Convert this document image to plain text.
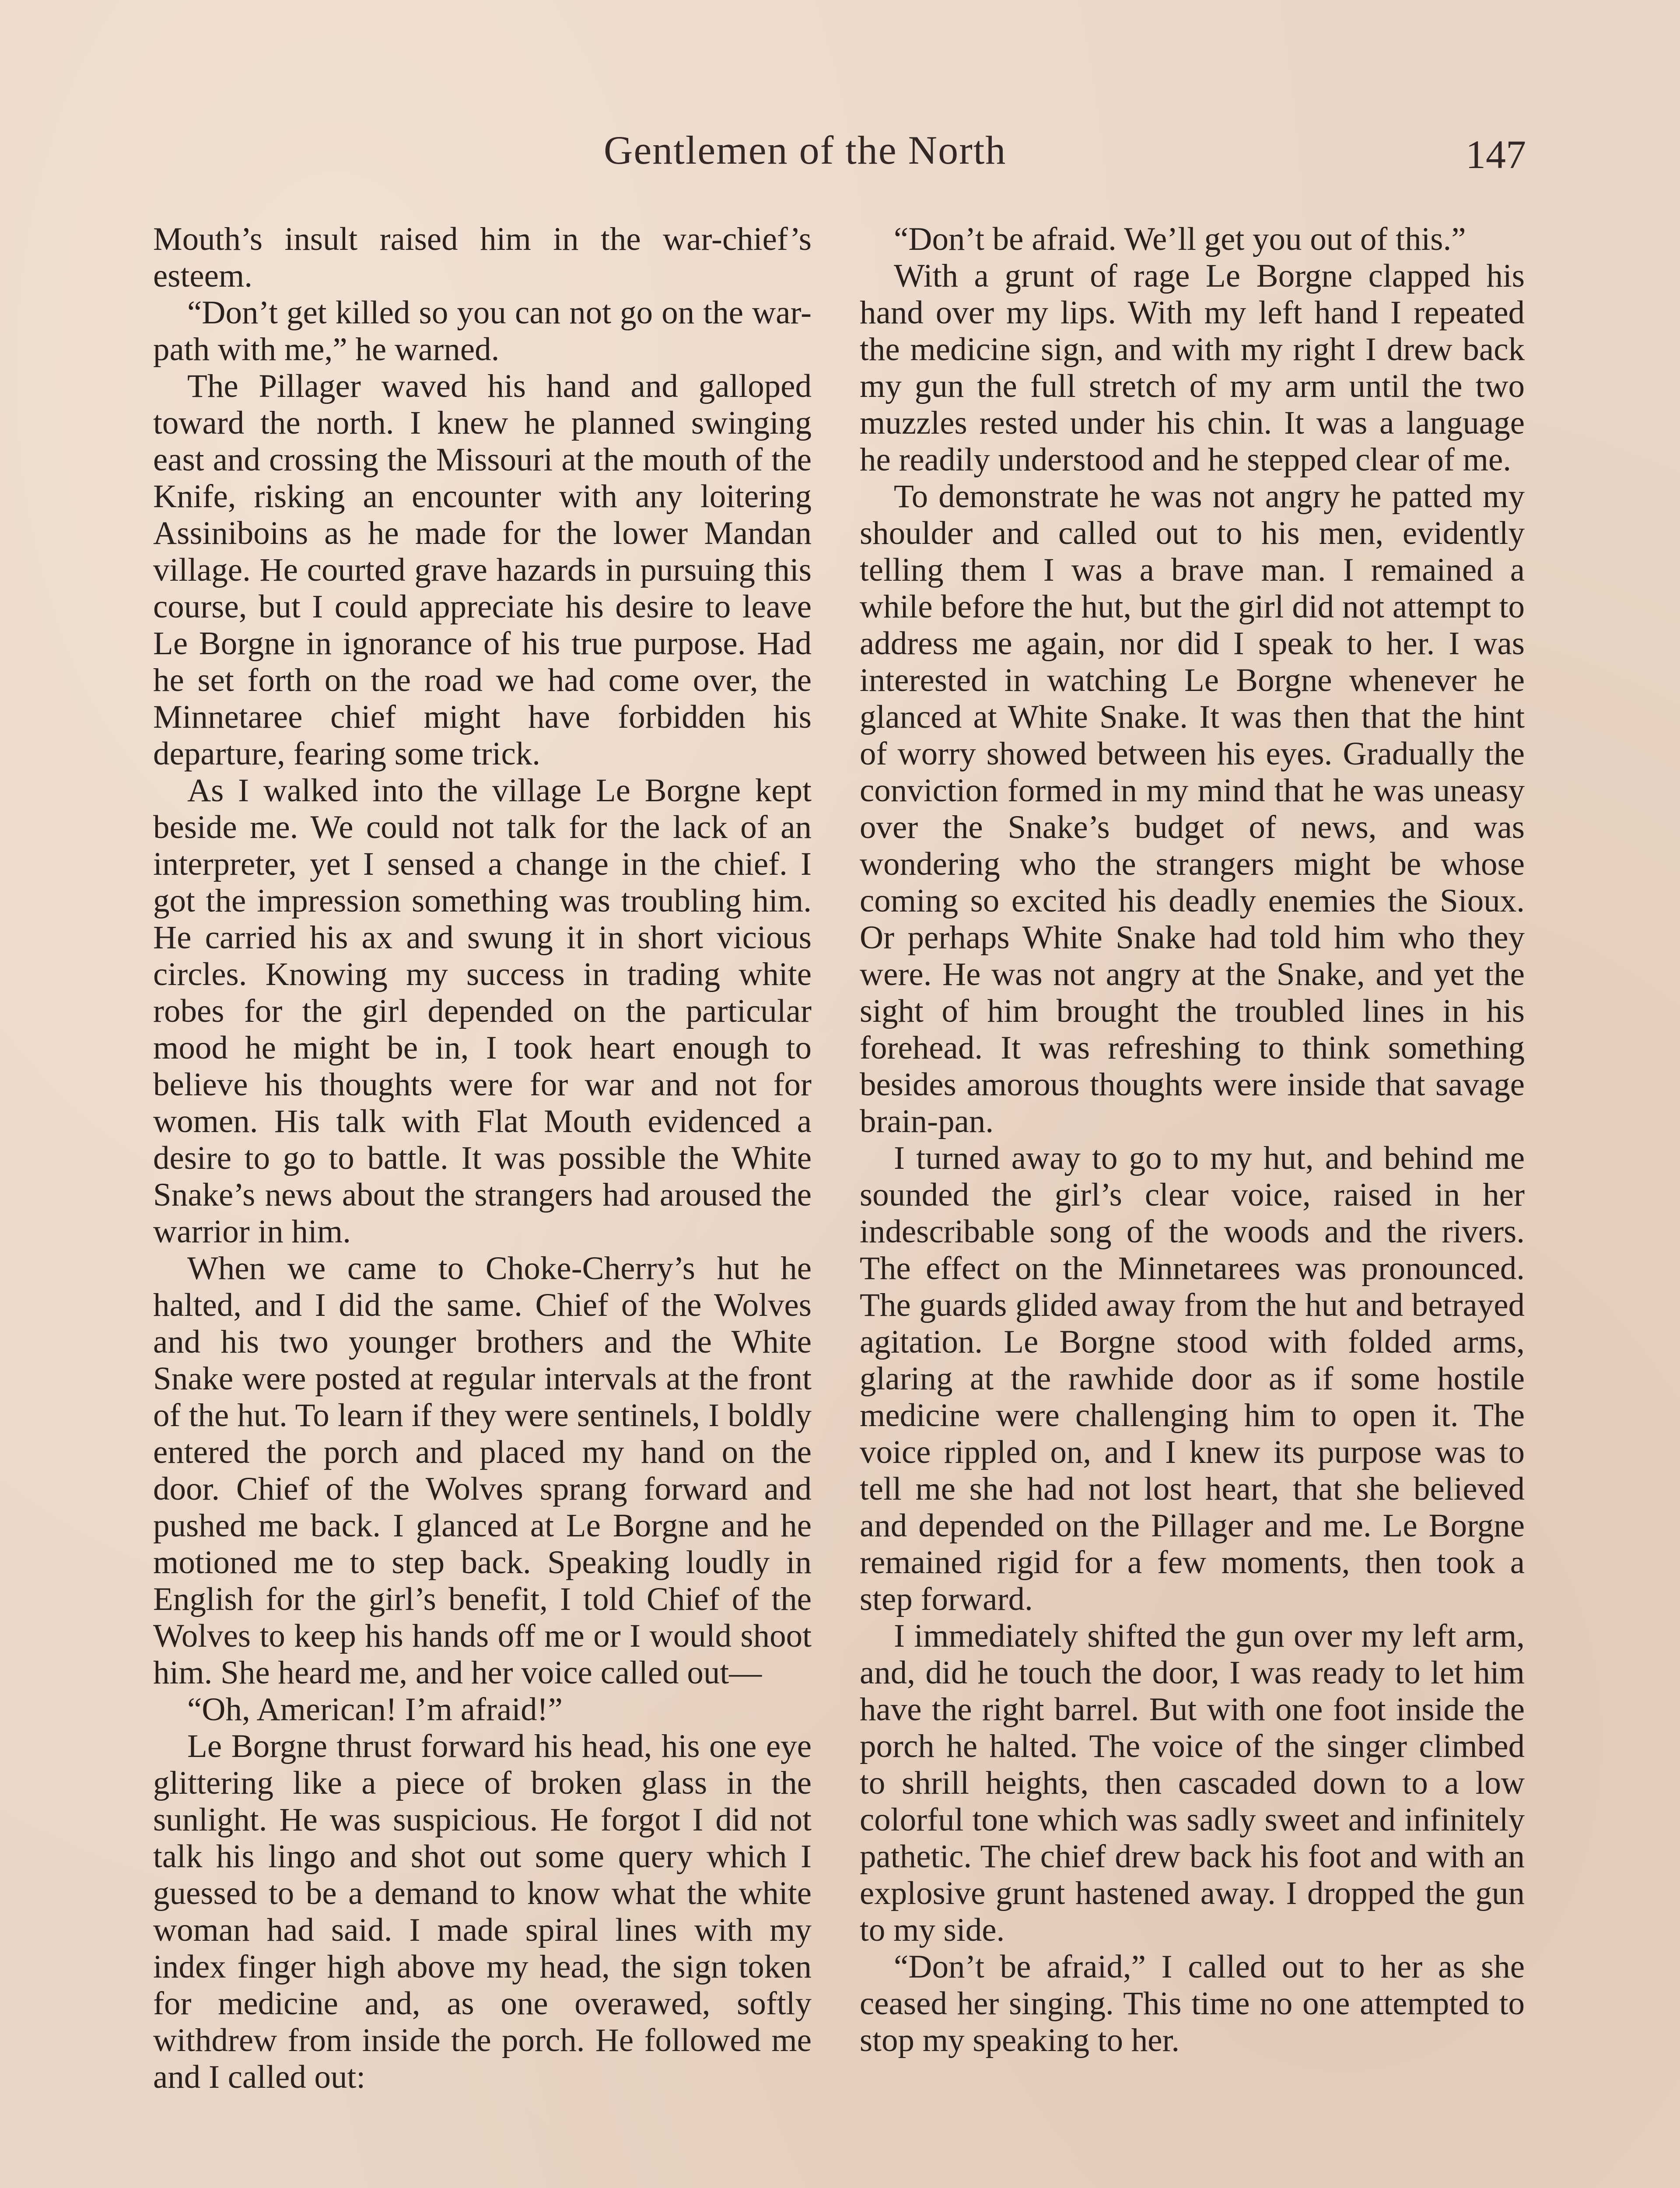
Gentlemen of the North	147

Mouth’s insult raised him in the war-chief’s esteem.

“Don’t get killed so you can not go on the war-path with me,” he warned.

The Pillager waved his hand and galloped toward the north. I knew he planned swinging east and crossing the Missouri at the mouth of the Knife, risking an encounter with any loitering Assiniboins as he made for the lower Mandan village. He courted grave hazards in pursuing this course, but I could appreciate his desire to leave Le Borgne in ignorance of his true purpose. Had he set forth on the road we had come over, the Minnetaree chief might have forbidden his departure, fearing some trick.

As I walked into the village Le Borgne kept beside me. We could not talk for the lack of an interpreter, yet I sensed a change in the chief. I got the impression something was troubling him. He carried his ax and swung it in short vicious circles. Knowing my success in trading white robes for the girl depended on the particular mood he might be in, I took heart enough to believe his thoughts were for war and not for women. His talk with Flat Mouth evidenced a desire to go to battle. It was possible the White Snake’s news about the strangers had aroused the warrior in him.

When we came to Choke-Cherry’s hut he halted, and I did the same. Chief of the Wolves and his two younger brothers and the White Snake were posted at regular intervals at the front of the hut. To learn if they were sentinels, I boldly entered the porch and placed my hand on the door. Chief of the Wolves sprang forward and pushed me back. I glanced at Le Borgne and he motioned me to step back. Speaking loudly in English for the girl’s benefit, I told Chief of the Wolves to keep his hands off me or I would shoot him. She heard me, and her voice called out—

“Oh, American! I’m afraid!”

Le Borgne thrust forward his head, his one eye glittering like a piece of broken glass in the sunlight. He was suspicious. He forgot I did not talk his lingo and shot out some query which I guessed to be a demand to know what the white woman had said. I made spiral lines with my index finger high above my head, the sign token for medicine and, as one overawed, softly withdrew from inside the porch. He followed me and I called out:

“Don’t be afraid. We’ll get you out of this.”

With a grunt of rage Le Borgne clapped his hand over my lips. With my left hand I repeated the medicine sign, and with my right I drew back my gun the full stretch of my arm until the two muzzles rested under his chin. It was a language he readily understood and he stepped clear of me.

To demonstrate he was not angry he patted my shoulder and called out to his men, evidently telling them I was a brave man. I remained a while before the hut, but the girl did not attempt to address me again, nor did I speak to her. I was interested in watching Le Borgne whenever he glanced at White Snake. It was then that the hint of worry showed between his eyes. Gradually the conviction formed in my mind that he was uneasy over the Snake’s budget of news, and was wondering who the strangers might be whose coming so excited his deadly enemies the Sioux. Or perhaps White Snake had told him who they were. He was not angry at the Snake, and yet the sight of him brought the troubled lines in his forehead. It was refreshing to think something besides amorous thoughts were inside that savage brain-pan.

I turned away to go to my hut, and behind me sounded the girl’s clear voice, raised in her indescribable song of the woods and the rivers. The effect on the Minnetarees was pronounced. The guards glided away from the hut and betrayed agitation. Le Borgne stood with folded arms, glaring at the rawhide door as if some hostile medicine were challenging him to open it. The voice rippled on, and I knew its purpose was to tell me she had not lost heart, that she believed and depended on the Pillager and me. Le Borgne remained rigid for a few moments, then took a step forward.

I immediately shifted the gun over my left arm, and, did he touch the door, I was ready to let him have the right barrel. But with one foot inside the porch he halted. The voice of the singer climbed to shrill heights, then cascaded down to a low colorful tone which was sadly sweet and infinitely pathetic. The chief drew back his foot and with an explosive grunt hastened away. I dropped the gun to my side.

“Don’t be afraid,” I called out to her as she ceased her singing. This time no one attempted to stop my speaking to her.
